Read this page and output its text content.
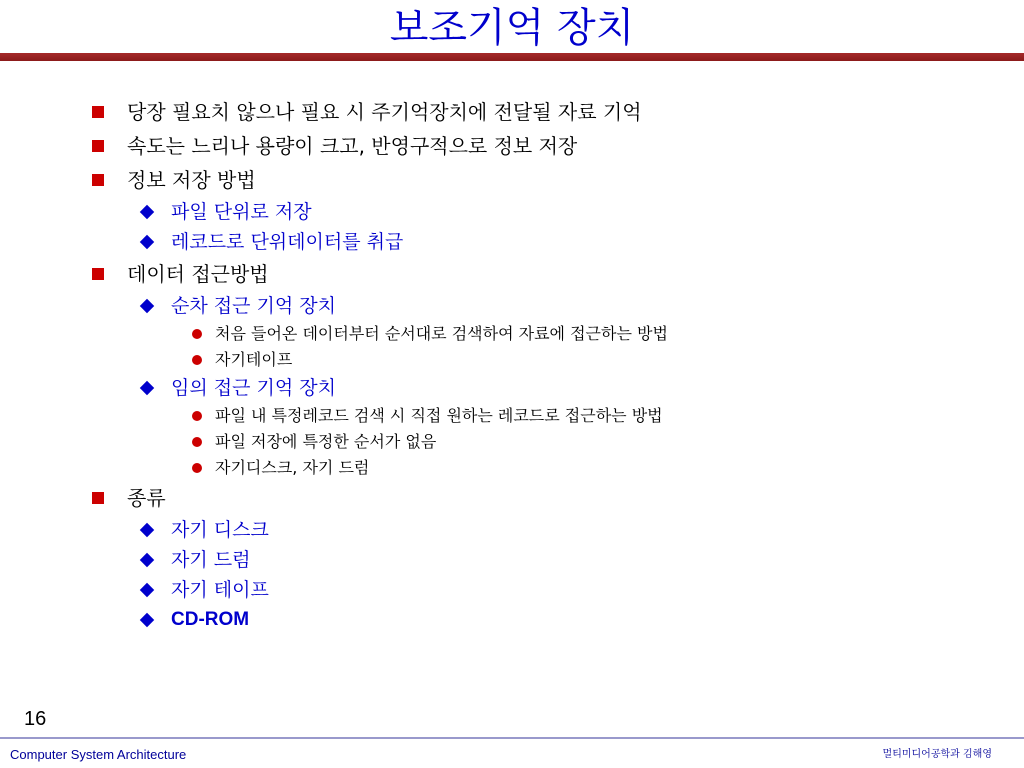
보조기억 장치
당장 필요치 않으나 필요 시 주기억장치에 전달될 자료 기억
속도는 느리나 용량이 크고, 반영구적으로 정보 저장
정보 저장 방법
파일 단위로 저장
레코드로 단위데이터를 취급
데이터 접근방법
순차 접근 기억 장치
처음 들어온 데이터부터 순서대로 검색하여 자료에 접근하는 방법
자기테이프
임의 접근 기억 장치
파일 내 특정레코드 검색 시 직접 원하는 레코드로 접근하는 방법
파일 저장에 특정한 순서가 없음
자기디스크, 자기 드럼
종류
자기 디스크
자기 드럼
자기 테이프
CD-ROM
16
Computer System Architecture	멀티미디어공학과 김해영
